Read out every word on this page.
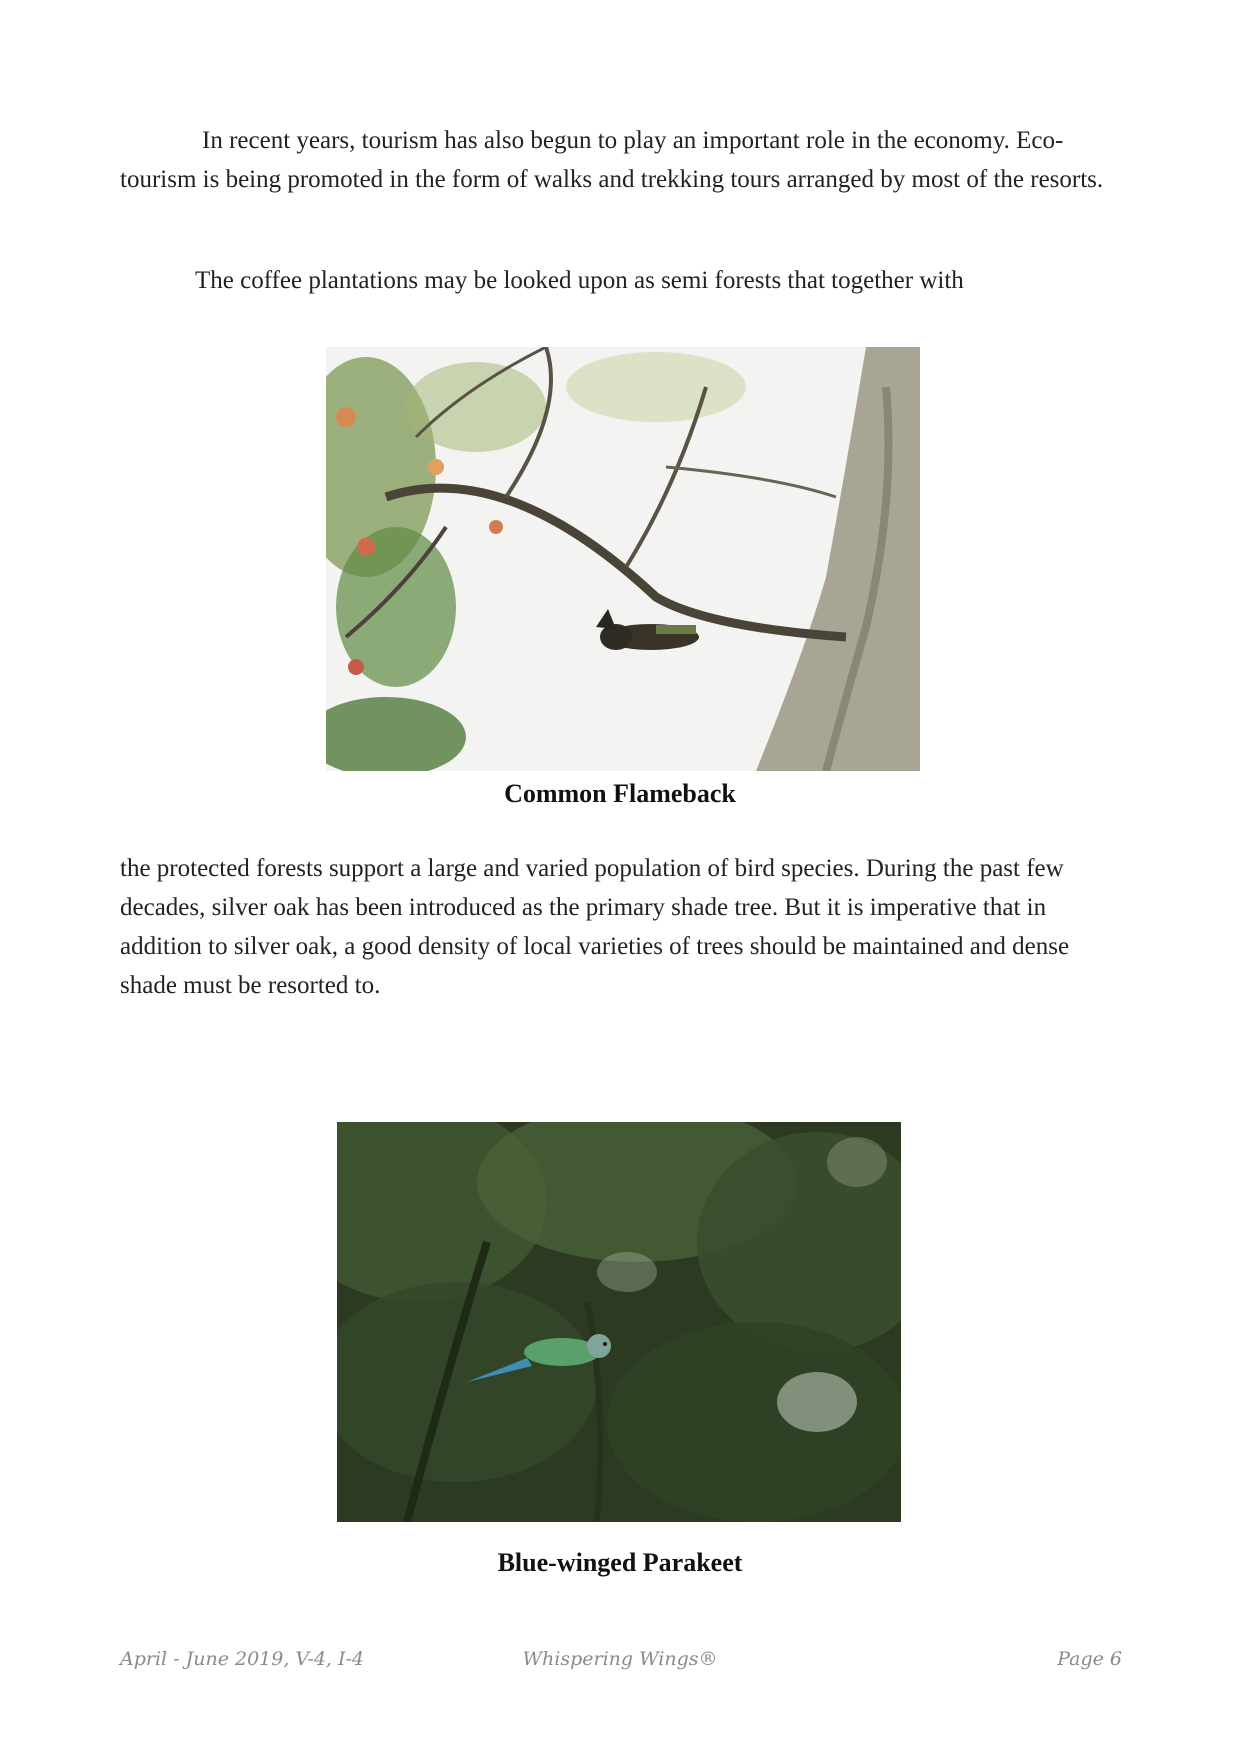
In recent years, tourism has also begun to play an important role in the economy. Eco-tourism is being promoted in the form of walks and trekking tours arranged by most of the resorts.

The coffee plantations may be looked upon as semi forests that together with

Common Flameback

the protected forests support a large and varied population of bird species. During the past few decades, silver oak has been introduced as the primary shade tree. But it is imperative that in addition to silver oak, a good density of local varieties of trees should be maintained and dense shade must be resorted to.

Blue-winged Parakeet

April - June 2019, V-4, I-4	Whispering Wings®	Page 6
